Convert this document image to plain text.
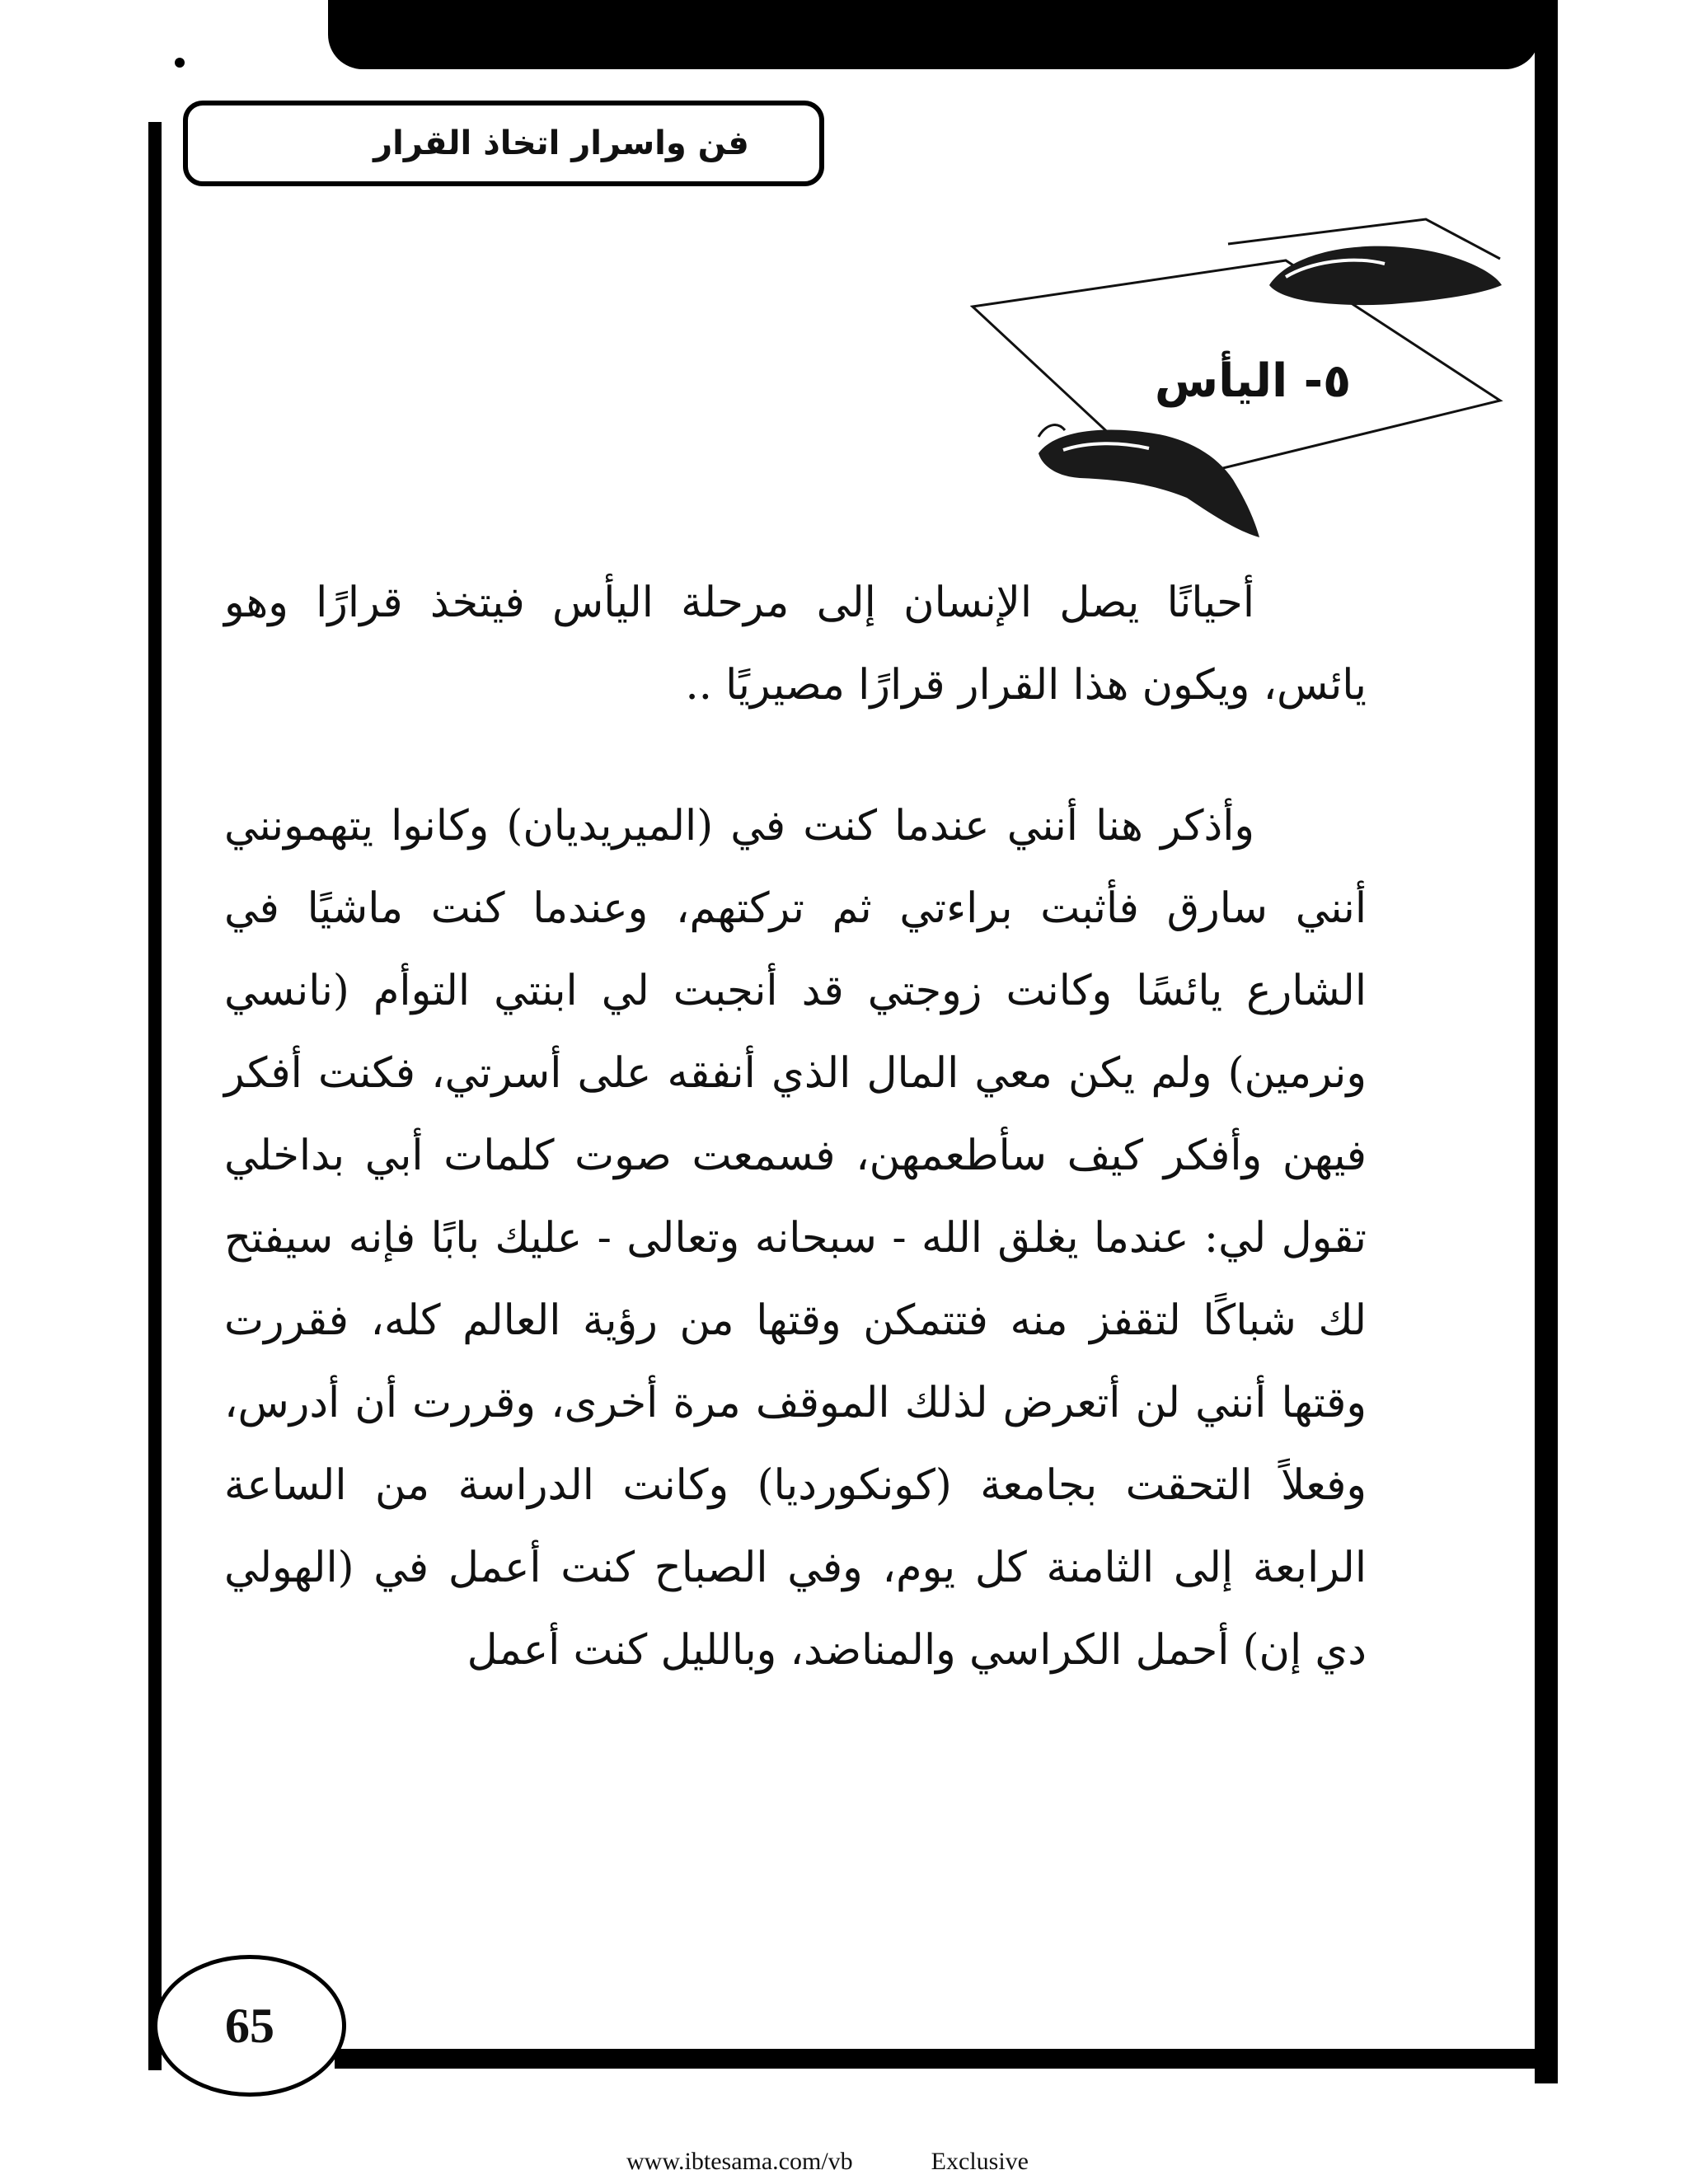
فن واسرار اتخاذ القرار
٥- اليأس

أحيانًا يصل الإنسان إلى مرحلة اليأس فيتخذ قرارًا وهو يائس، ويكون هذا القرار قرارًا مصيريًا ..

وأذكر هنا أنني عندما كنت في (الميريديان) وكانوا يتهمونني أنني سارق فأثبت براءتي ثم تركتهم، وعندما كنت ماشيًا في الشارع يائسًا وكانت زوجتي قد أنجبت لي ابنتي التوأم (نانسي ونرمين) ولم يكن معي المال الذي أنفقه على أسرتي، فكنت أفكر فيهن وأفكر كيف سأطعمهن، فسمعت صوت كلمات أبي بداخلي تقول لي: عندما يغلق الله - سبحانه وتعالى - عليك بابًا فإنه سيفتح لك شباكًا لتقفز منه فتتمكن وقتها من رؤية العالم كله، فقررت وقتها أنني لن أتعرض لذلك الموقف مرة أخرى، وقررت أن أدرس، وفعلاً التحقت بجامعة (كونكورديا) وكانت الدراسة من الساعة الرابعة إلى الثامنة كل يوم، وفي الصباح كنت أعمل في (الهولي دي إن) أحمل الكراسي والمناضد، وبالليل كنت أعمل

65
www.ibtesama.com/vb	Exclusive
